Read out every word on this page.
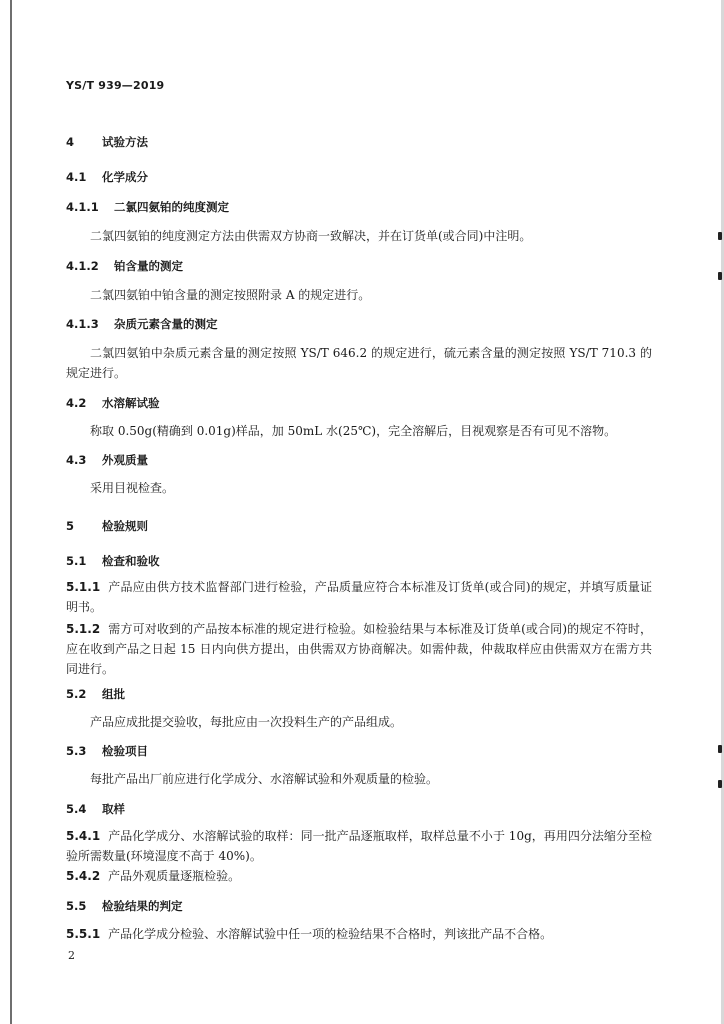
YS/T 939—2019
4 试验方法
4.1 化学成分
4.1.1 二氯四氨铂的纯度测定
二氯四氨铂的纯度测定方法由供需双方协商一致解决，并在订货单(或合同)中注明。
4.1.2 铂含量的测定
二氯四氨铂中铂含量的测定按照附录 A 的规定进行。
4.1.3 杂质元素含量的测定
二氯四氨铂中杂质元素含量的测定按照 YS/T 646.2 的规定进行，硫元素含量的测定按照 YS/T 710.3 的规定进行。
4.2 水溶解试验
称取 0.50g(精确到 0.01g)样品，加 50mL 水(25℃)，完全溶解后，目视观察是否有可见不溶物。
4.3 外观质量
采用目视检查。
5 检验规则
5.1 检查和验收
5.1.1 产品应由供方技术监督部门进行检验，产品质量应符合本标准及订货单(或合同)的规定，并填写质量证明书。
5.1.2 需方可对收到的产品按本标准的规定进行检验。如检验结果与本标准及订货单(或合同)的规定不符时，应在收到产品之日起 15 日内向供方提出，由供需双方协商解决。如需仲裁，仲裁取样应由供需双方在需方共同进行。
5.2 组批
产品应成批提交验收，每批应由一次投料生产的产品组成。
5.3 检验项目
每批产品出厂前应进行化学成分、水溶解试验和外观质量的检验。
5.4 取样
5.4.1 产品化学成分、水溶解试验的取样：同一批产品逐瓶取样，取样总量不小于 10g，再用四分法缩分至检验所需数量(环境湿度不高于 40%)。
5.4.2 产品外观质量逐瓶检验。
5.5 检验结果的判定
5.5.1 产品化学成分检验、水溶解试验中任一项的检验结果不合格时，判该批产品不合格。
2
